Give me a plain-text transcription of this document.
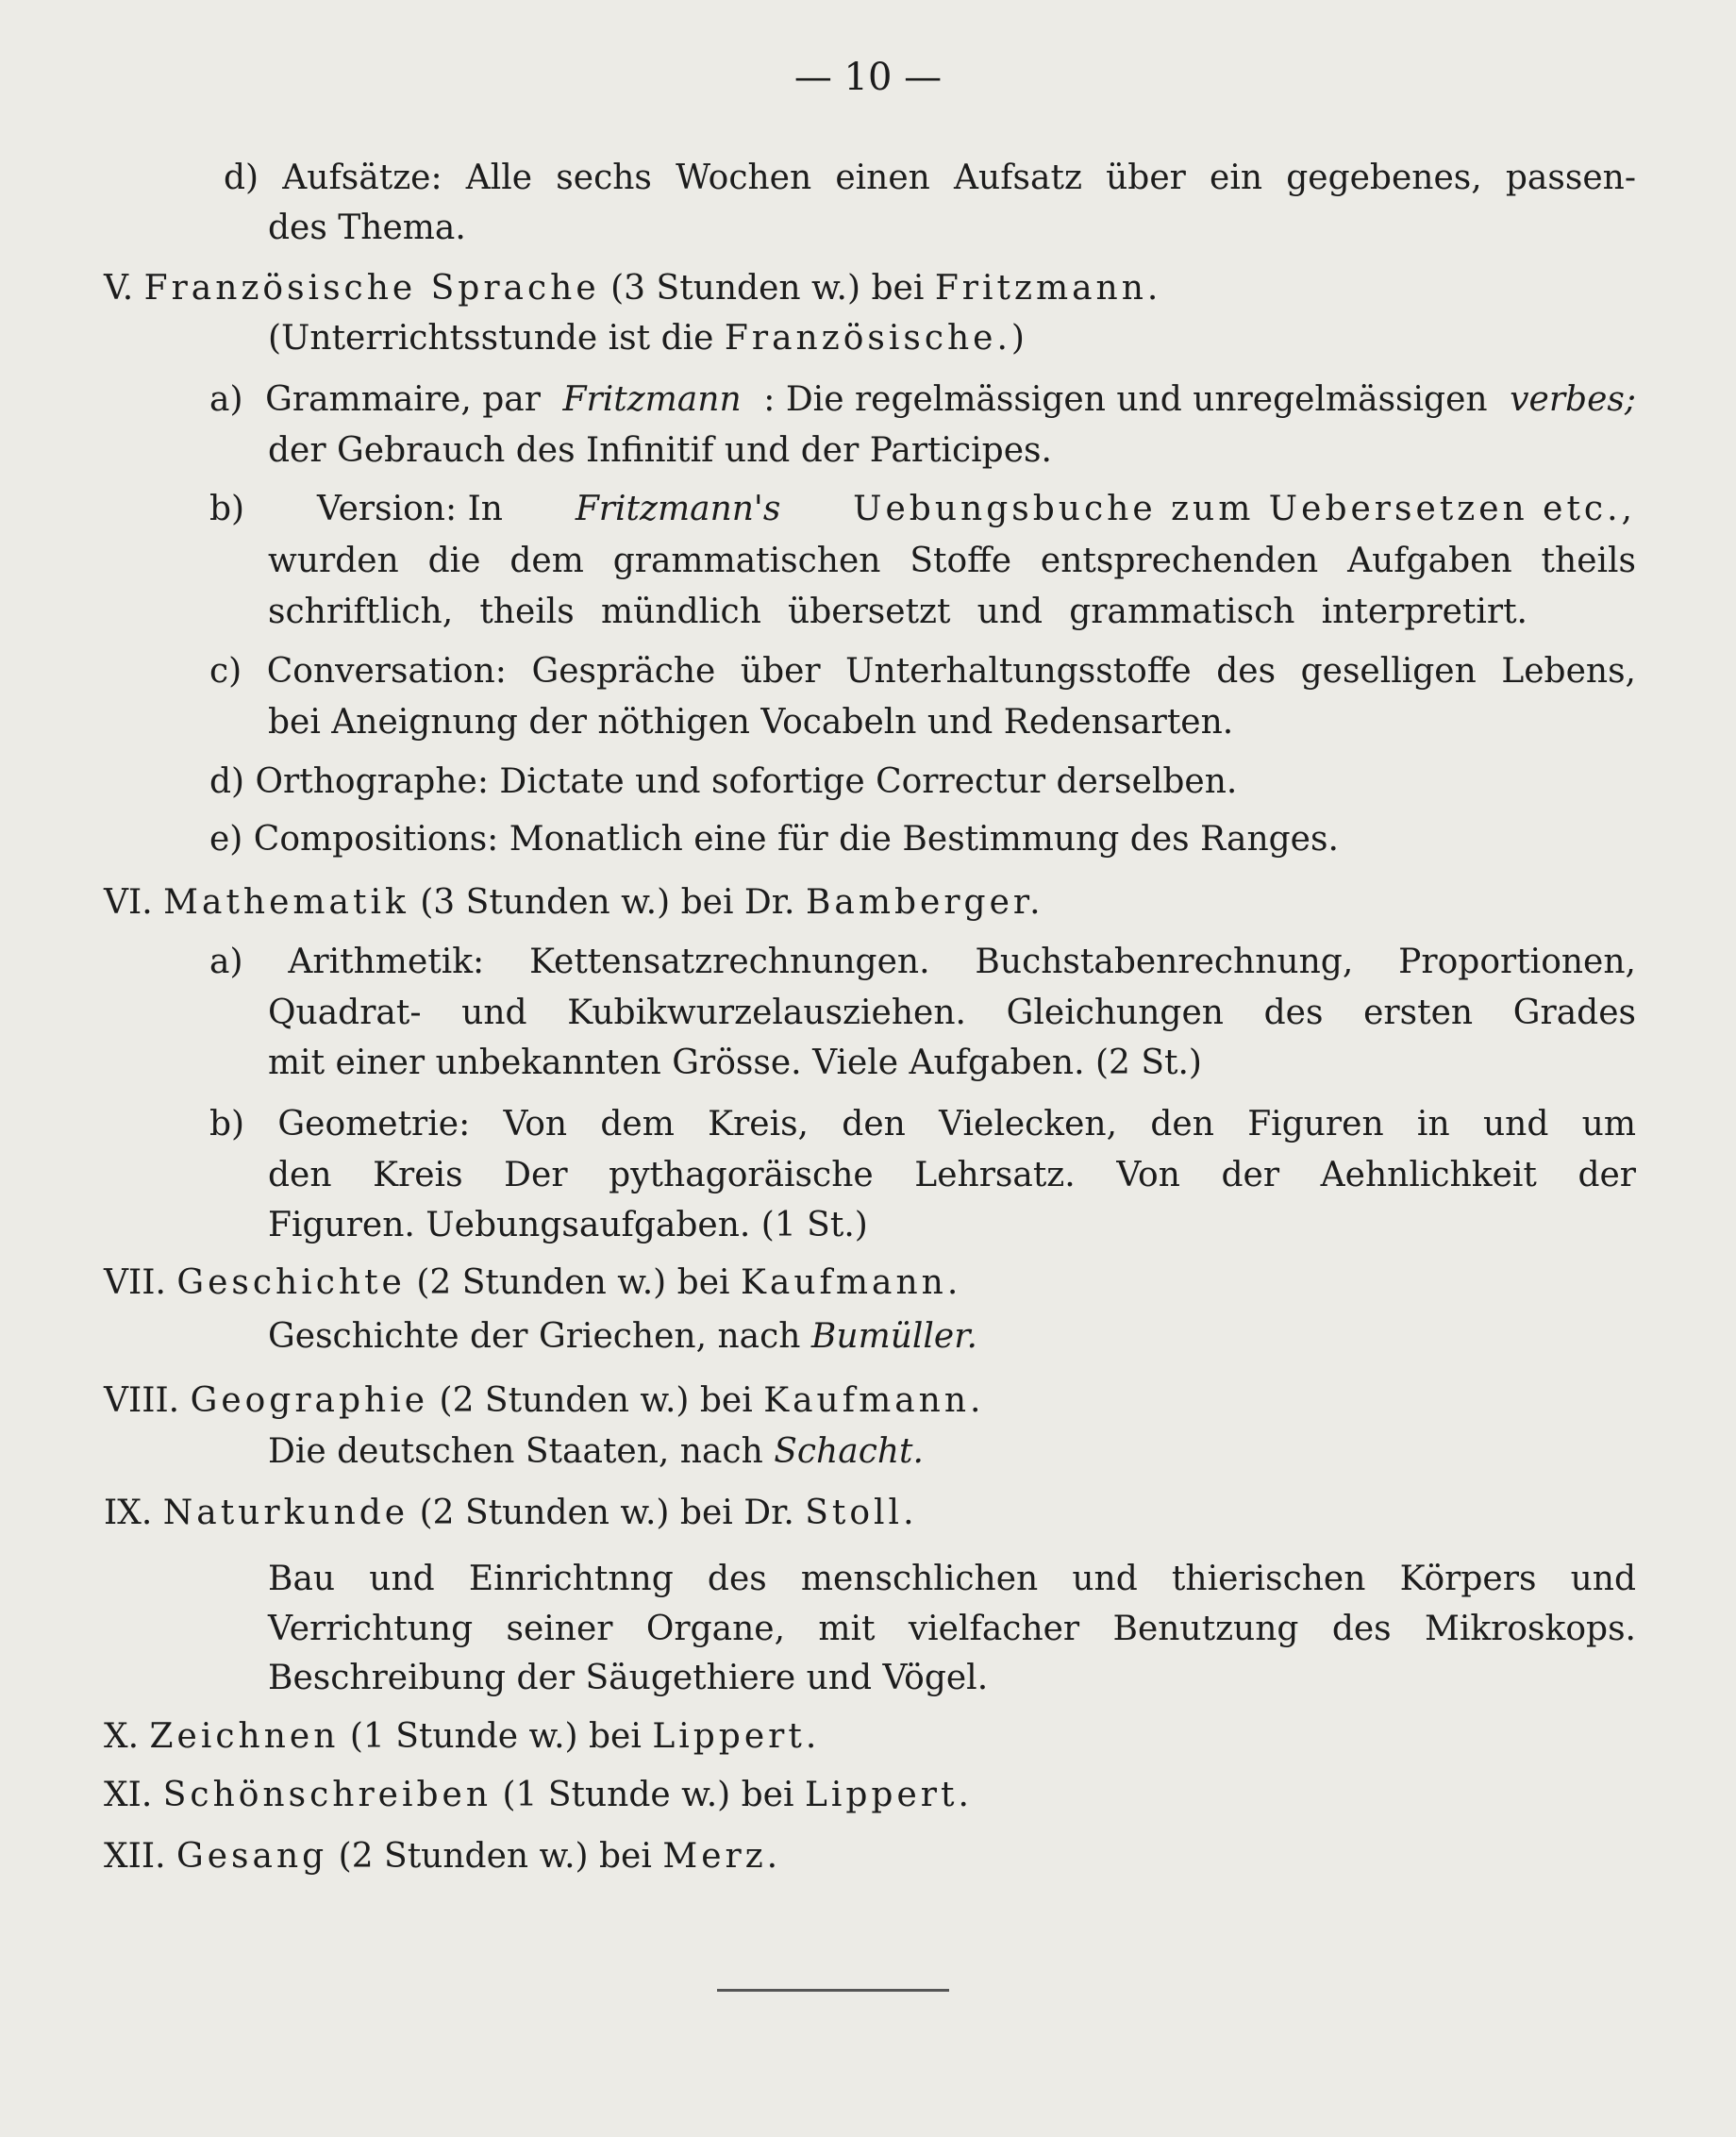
— 10 —
d) Aufsätze: Alle sechs Wochen einen Aufsatz über ein gegebenes, passen-
des Thema.
V. Französische Sprache (3 Stunden w.) bei Fritzmann.
(Unterrichtsstunde ist die Französische.)
a) Grammaire, par Fritzmann : Die regelmässigen und unregelmässigen verbes;
der Gebrauch des Infinitif und der Participes.
b) Version: In Fritzmann's Uebungsbuche zum Uebersetzen etc.,
wurden die dem grammatischen Stoffe entsprechenden Aufgaben theils
schriftlich, theils mündlich übersetzt und grammatisch interpretirt.
c) Conversation: Gespräche über Unterhaltungsstoffe des geselligen Lebens,
bei Aneignung der nöthigen Vocabeln und Redensarten.
d) Orthographe: Dictate und sofortige Correctur derselben.
e) Compositions: Monatlich eine für die Bestimmung des Ranges.
VI. Mathematik (3 Stunden w.) bei Dr. Bamberger.
a) Arithmetik: Kettensatzrechnungen. Buchstabenrechnung, Proportionen,
Quadrat- und Kubikwurzelausziehen. Gleichungen des ersten Grades
mit einer unbekannten Grösse. Viele Aufgaben. (2 St.)
b) Geometrie: Von dem Kreis, den Vielecken, den Figuren in und um
den Kreis Der pythagoräische Lehrsatz. Von der Aehnlichkeit der
Figuren. Uebungsaufgaben. (1 St.)
VII. Geschichte (2 Stunden w.) bei Kaufmann.
Geschichte der Griechen, nach Bumüller.
VIII. Geographie (2 Stunden w.) bei Kaufmann.
Die deutschen Staaten, nach Schacht.
IX. Naturkunde (2 Stunden w.) bei Dr. Stoll.
Bau und Einrichtnng des menschlichen und thierischen Körpers und
Verrichtung seiner Organe, mit vielfacher Benutzung des Mikroskops.
Beschreibung der Säugethiere und Vögel.
X. Zeichnen (1 Stunde w.) bei Lippert.
XI. Schönschreiben (1 Stunde w.) bei Lippert.
XII. Gesang (2 Stunden w.) bei Merz.
